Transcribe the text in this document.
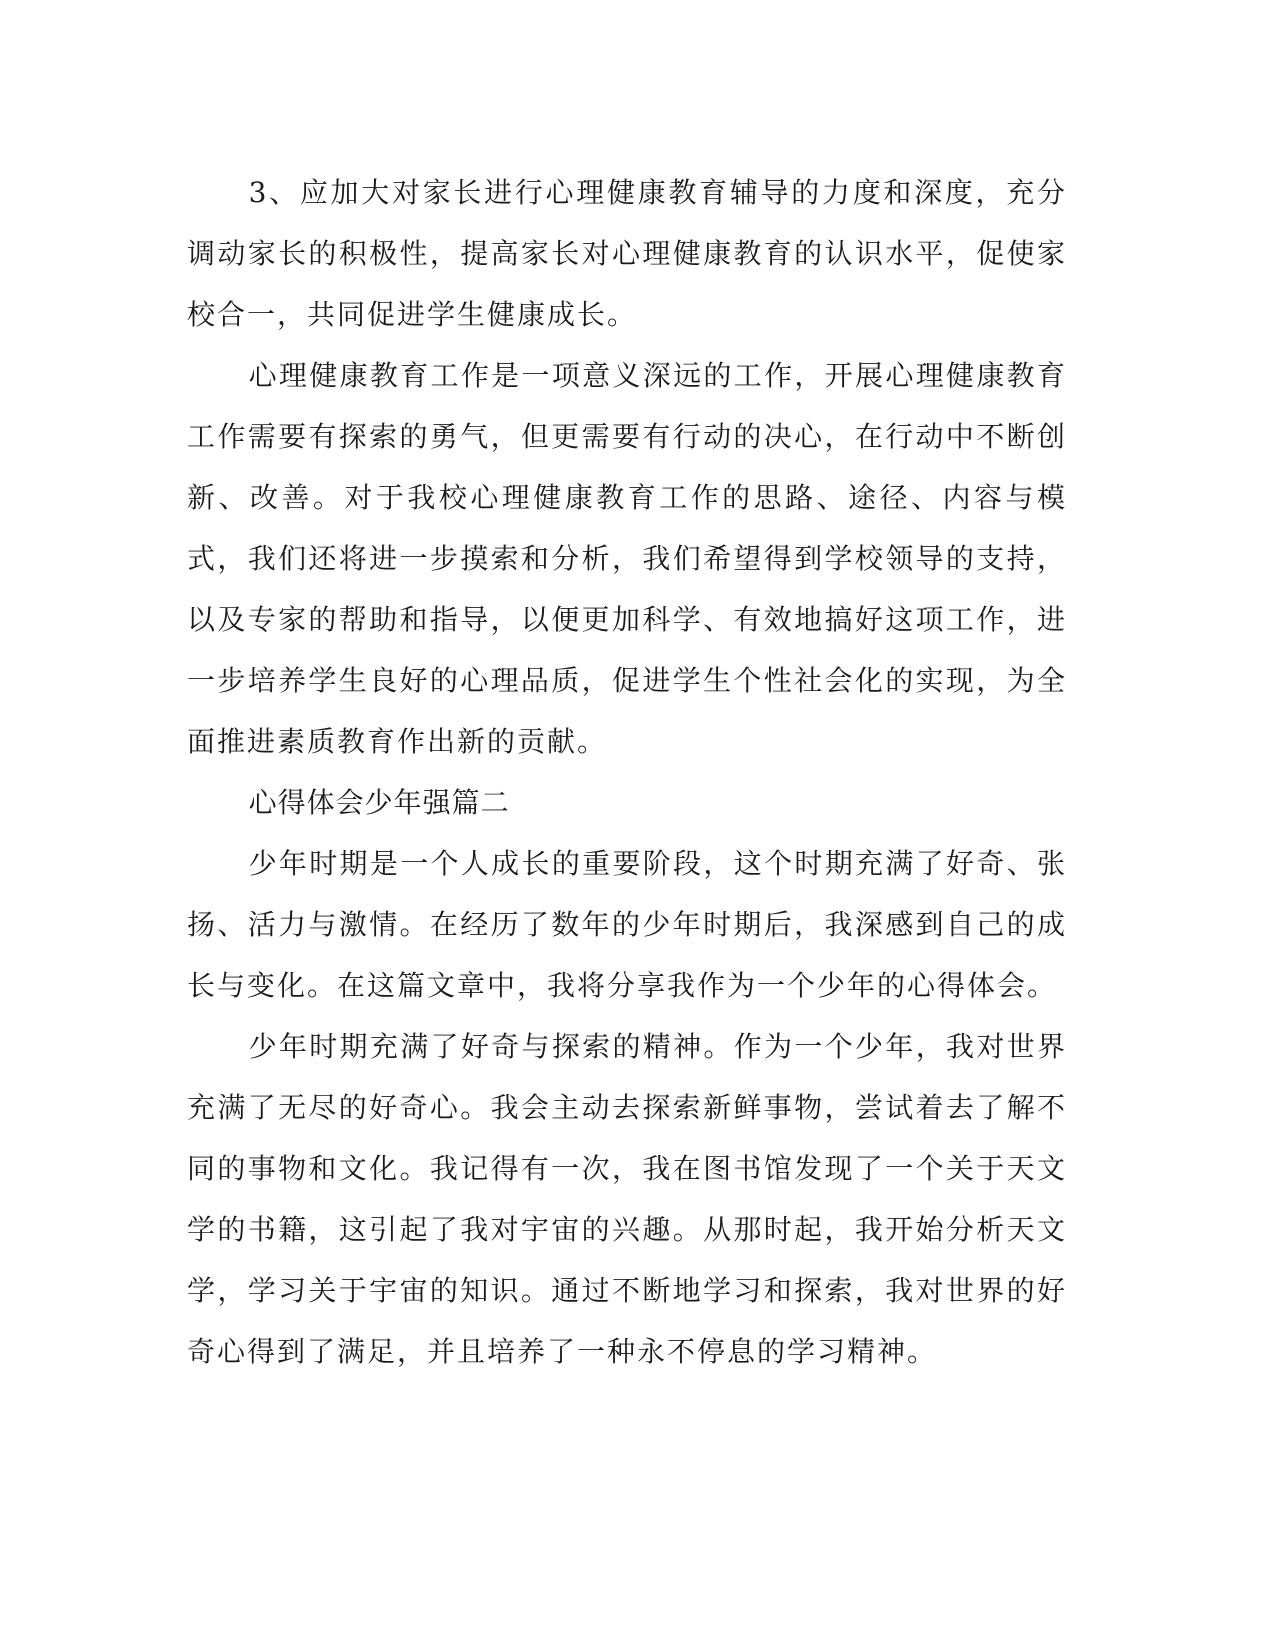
3、应加大对家长进行心理健康教育辅导的力度和深度，充分调动家长的积极性，提高家长对心理健康教育的认识水平，促使家校合一，共同促进学生健康成长。

心理健康教育工作是一项意义深远的工作，开展心理健康教育工作需要有探索的勇气，但更需要有行动的决心，在行动中不断创新、改善。对于我校心理健康教育工作的思路、途径、内容与模式，我们还将进一步摸索和分析，我们希望得到学校领导的支持，以及专家的帮助和指导，以便更加科学、有效地搞好这项工作，进一步培养学生良好的心理品质，促进学生个性社会化的实现，为全面推进素质教育作出新的贡献。

心得体会少年强篇二

少年时期是一个人成长的重要阶段，这个时期充满了好奇、张扬、活力与激情。在经历了数年的少年时期后，我深感到自己的成长与变化。在这篇文章中，我将分享我作为一个少年的心得体会。

少年时期充满了好奇与探索的精神。作为一个少年，我对世界充满了无尽的好奇心。我会主动去探索新鲜事物，尝试着去了解不同的事物和文化。我记得有一次，我在图书馆发现了一个关于天文学的书籍，这引起了我对宇宙的兴趣。从那时起，我开始分析天文学，学习关于宇宙的知识。通过不断地学习和探索，我对世界的好奇心得到了满足，并且培养了一种永不停息的学习精神。
